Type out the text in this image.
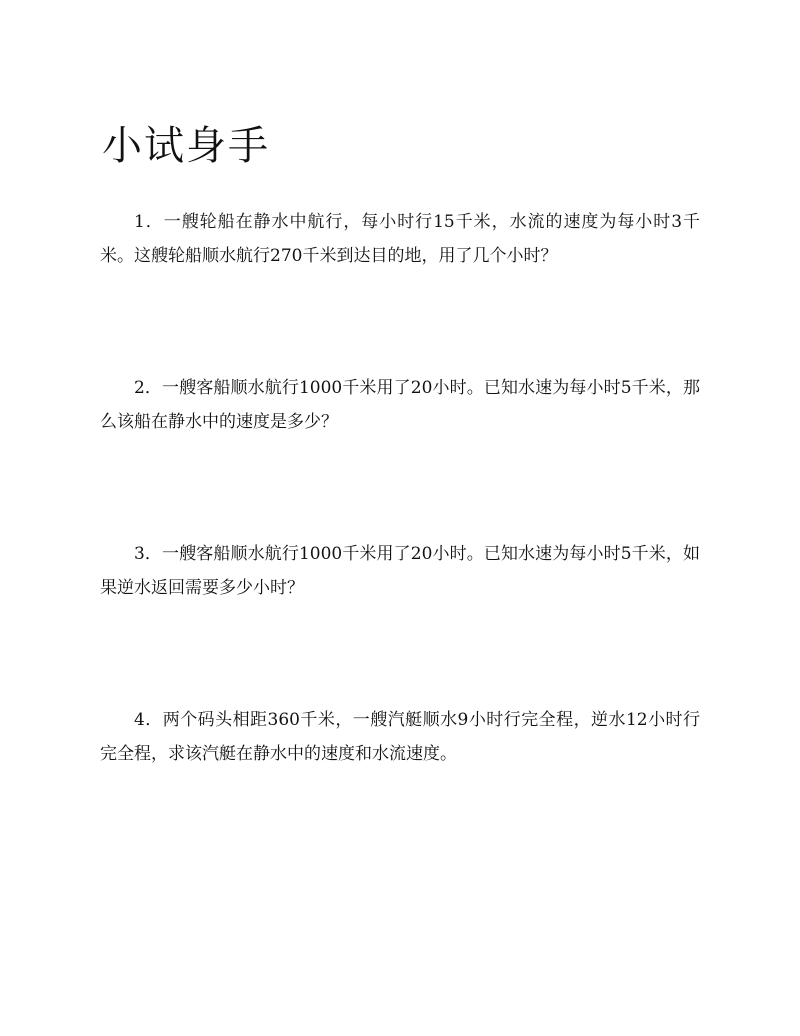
小试身手

1．一艘轮船在静水中航行，每小时行15千米，水流的速度为每小时3千米。这艘轮船顺水航行270千米到达目的地，用了几个小时？

2．一艘客船顺水航行1000千米用了20小时。已知水速为每小时5千米，那么该船在静水中的速度是多少？

3．一艘客船顺水航行1000千米用了20小时。已知水速为每小时5千米，如果逆水返回需要多少小时？

4．两个码头相距360千米，一艘汽艇顺水9小时行完全程，逆水12小时行完全程，求该汽艇在静水中的速度和水流速度。
